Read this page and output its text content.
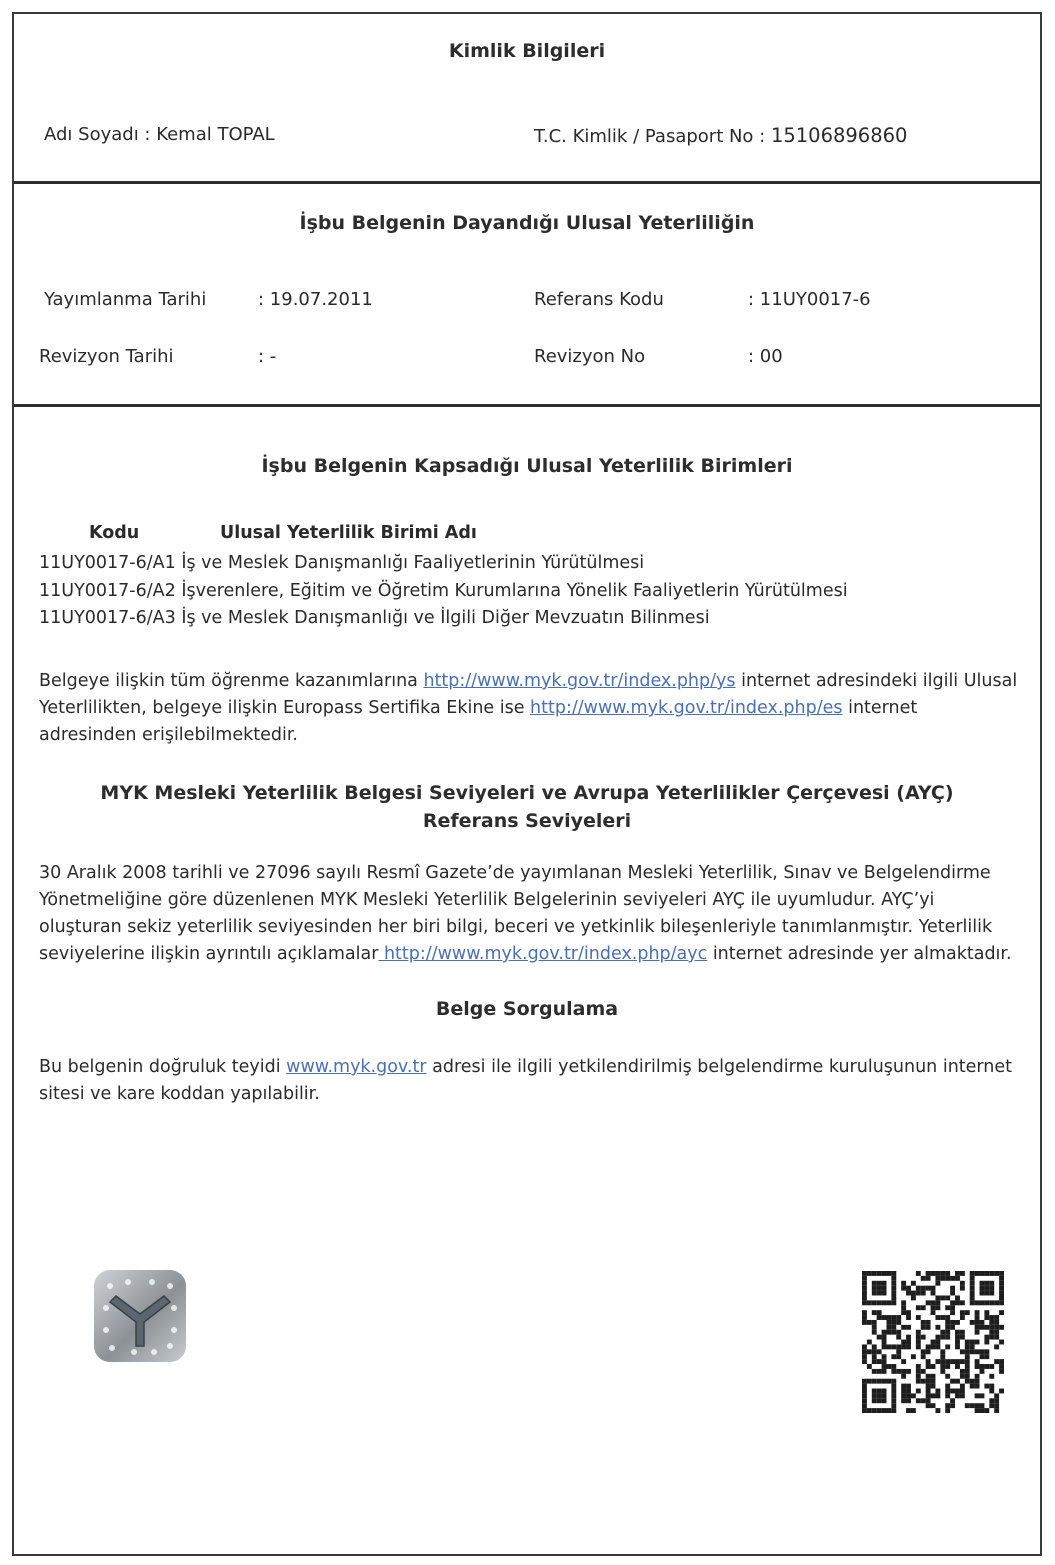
Kimlik Bilgileri
Adı Soyadı : Kemal TOPAL	T.C. Kimlik / Pasaport No : 15106896860
İşbu Belgenin Dayandığı Ulusal Yeterliliğin
Yayımlanma Tarihi	: 19.07.2011	Referans Kodu	: 11UY0017-6
Revizyon Tarihi	: -	Revizyon No	: 00
İşbu Belgenin Kapsadığı Ulusal Yeterlilik Birimleri
Kodu	Ulusal Yeterlilik Birimi Adı
11UY0017-6/A1 İş ve Meslek Danışmanlığı Faaliyetlerinin Yürütülmesi
11UY0017-6/A2 İşverenlere, Eğitim ve Öğretim Kurumlarına Yönelik Faaliyetlerin Yürütülmesi
11UY0017-6/A3 İş ve Meslek Danışmanlığı ve İlgili Diğer Mevzuatın Bilinmesi
Belgeye ilişkin tüm öğrenme kazanımlarına http://www.myk.gov.tr/index.php/ys internet adresindeki ilgili Ulusal Yeterlilikten, belgeye ilişkin Europass Sertifika Ekine ise http://www.myk.gov.tr/index.php/es internet adresinden erişilebilmektedir.
MYK Mesleki Yeterlilik Belgesi Seviyeleri ve Avrupa Yeterlilikler Çerçevesi (AYÇ)
Referans Seviyeleri
30 Aralık 2008 tarihli ve 27096 sayılı Resmî Gazete’de yayımlanan Mesleki Yeterlilik, Sınav ve Belgelendirme Yönetmeliğine göre düzenlenen MYK Mesleki Yeterlilik Belgelerinin seviyeleri AYÇ ile uyumludur. AYÇ’yi oluşturan sekiz yeterlilik seviyesinden her biri bilgi, beceri ve yetkinlik bileşenleriyle tanımlanmıştır. Yeterlilik seviyelerine ilişkin ayrıntılı açıklamalar http://www.myk.gov.tr/index.php/ayc internet adresinde yer almaktadır.
Belge Sorgulama
Bu belgenin doğruluk teyidi www.myk.gov.tr adresi ile ilgili yetkilendirilmiş belgelendirme kuruluşunun internet sitesi ve kare koddan yapılabilir.
